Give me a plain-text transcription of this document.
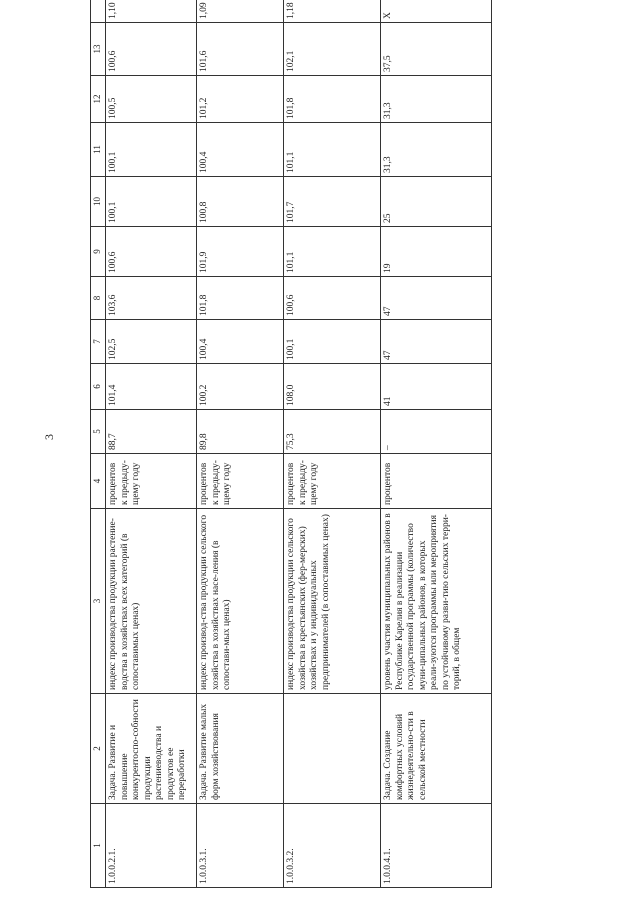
3
1	2	3	4	5	6	7	8	9	10	11	12	13	
1.0.0.2.1.	Задача. Развитие и повышение конкурентоспо-собности продукции растениеводства и продуктов ее переработки	индекс производства продукции растение-водства в хозяйствах всех категорий (в сопоставимых ценах)	процентов к предыду-щему году	88,7	101,4	102,5	103,6	100,6	100,1	100,1	100,5	100,6	1,10
1.0.0.3.1.	Задача. Развитие малых форм хозяйствования	индекс производ-ства продукции сельского хозяйства в хозяйствах насе-ления (в сопостави-мых ценах)	процентов к предыду-щему году	89,8	100,2	100,4	101,8	101,9	100,8	100,4	101,2	101,6	1,09
1.0.0.3.2.		индекс производства продукции сельского хозяйства в крестьянских (фер-мерских) хозяйствах и у индивидуальных предпринимателей (в сопоставимых ценах)	процентов к предыду-щему году	75,3	108,0	100,1	100,6	101,1	101,7	101,1	101,8	102,1	1,18
1.0.0.4.1.	Задача. Создание комфортных условий жизнедеятельно-сти в сельской местности	уровень участия муниципальных районов в Республике Карелия в реализации государственной программы (количество муни-ципальных районов, в которых реали-зуются программы или мероприятия по устойчивому разви-тию сельских терри-торий, в общем	процентов	–	41	47	47	19	25	31,3	31,3	37,5	Х
